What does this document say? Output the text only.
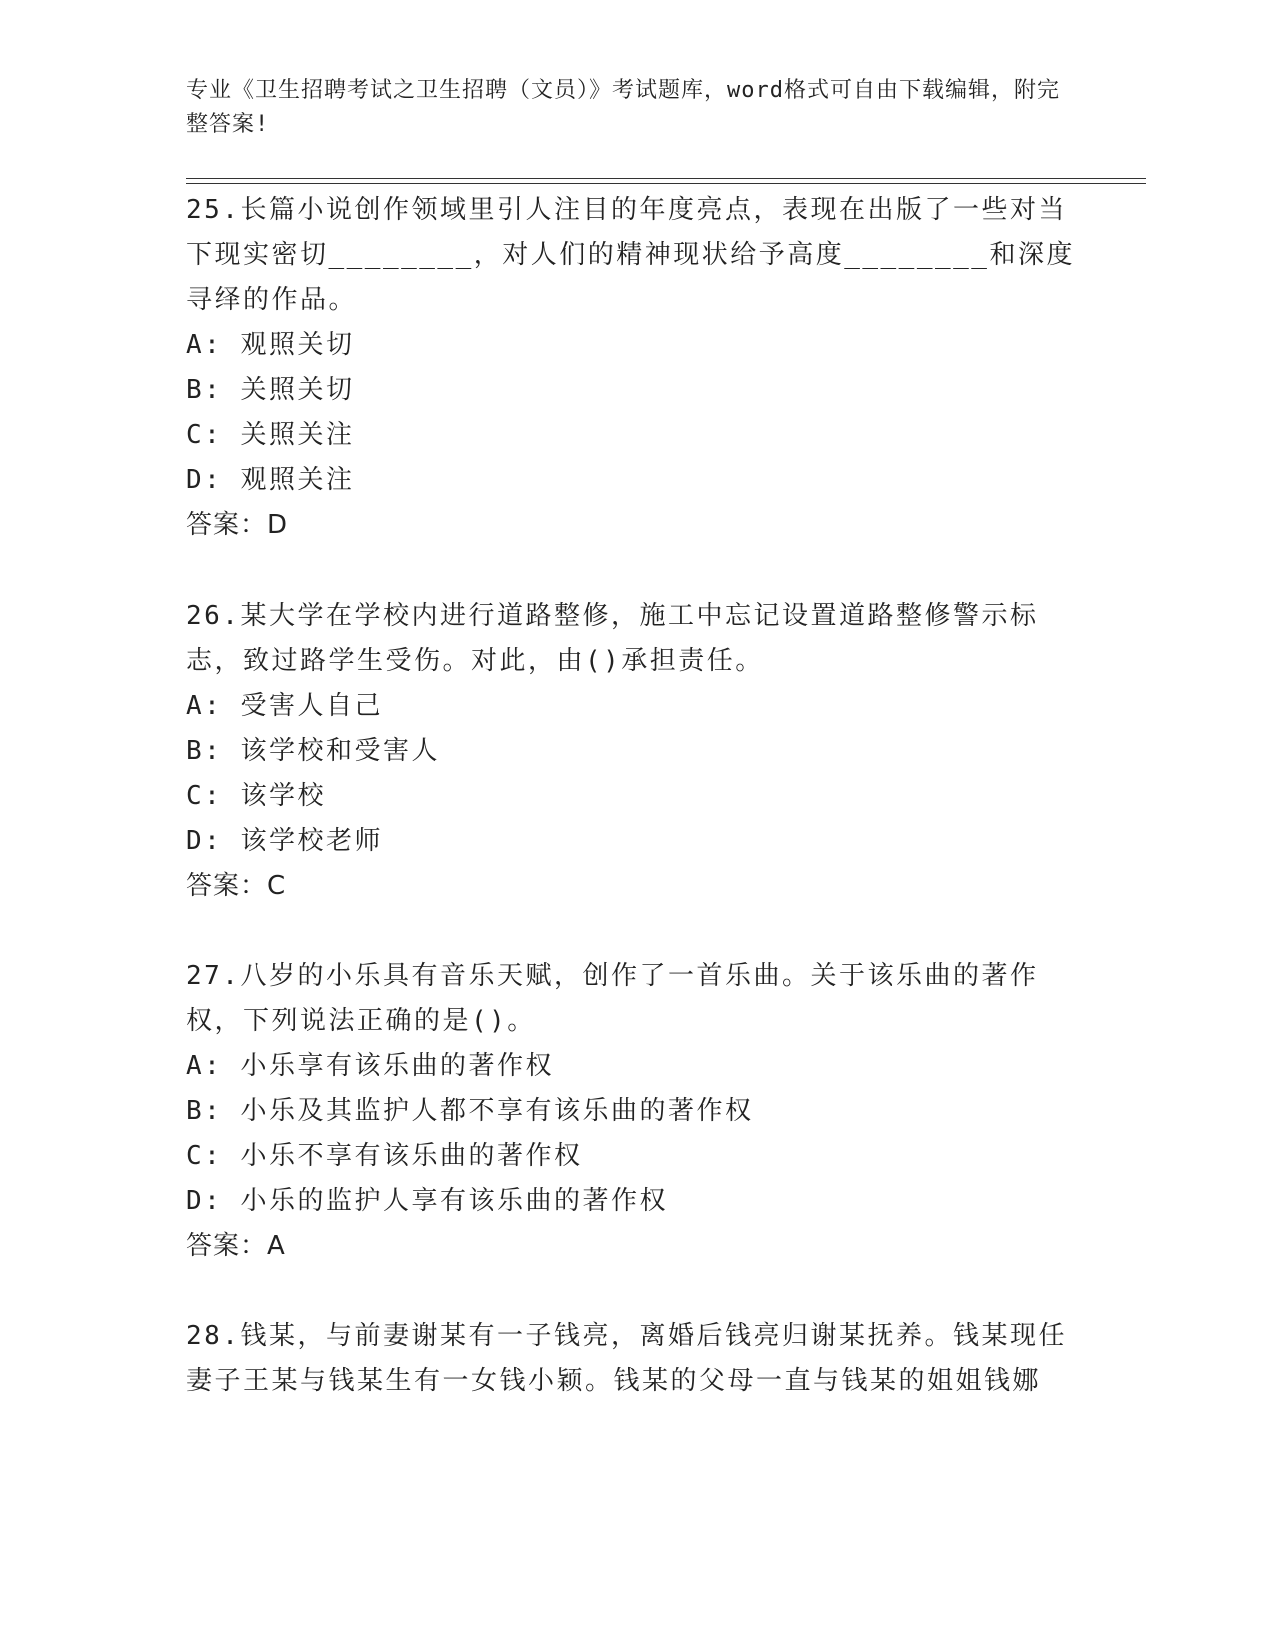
专业《卫生招聘考试之卫生招聘（文员）》考试题库，word格式可自由下载编辑，附完整答案!

25.长篇小说创作领域里引人注目的年度亮点，表现在出版了一些对当下现实密切________，对人们的精神现状给予高度________和深度寻绎的作品。

A: 观照关切

B: 关照关切

C: 关照关注

D: 观照关注

答案：D

26.某大学在学校内进行道路整修，施工中忘记设置道路整修警示标志，致过路学生受伤。对此，由()承担责任。

A: 受害人自己

B: 该学校和受害人

C: 该学校

D: 该学校老师

答案：C

27.八岁的小乐具有音乐天赋，创作了一首乐曲。关于该乐曲的著作权，下列说法正确的是()。

A: 小乐享有该乐曲的著作权

B: 小乐及其监护人都不享有该乐曲的著作权

C: 小乐不享有该乐曲的著作权

D: 小乐的监护人享有该乐曲的著作权

答案：A

28.钱某，与前妻谢某有一子钱亮，离婚后钱亮归谢某抚养。钱某现任妻子王某与钱某生有一女钱小颖。钱某的父母一直与钱某的姐姐钱娜
